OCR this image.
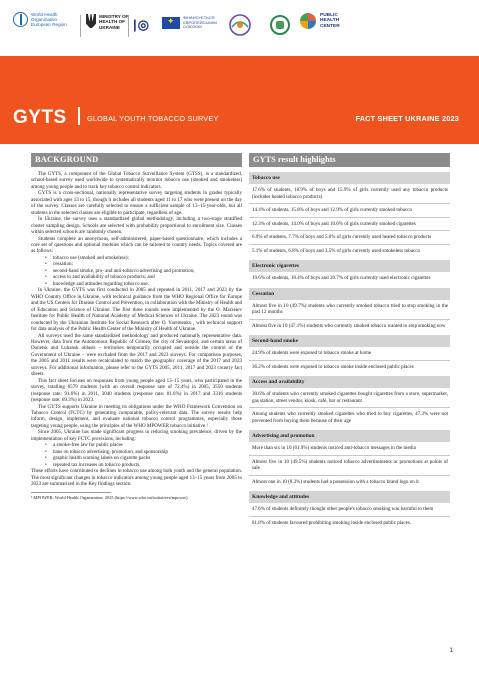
World Health Organization European Region
MINISTRY OF HEALTH OF UKRAINE	|◎
✦	ФІНАНСУЄТЬСЯ ЄВРОПЕЙСЬКИМ СОЮЗОМ
PUBLIC HEALTH CENTER
GYTS	GLOBAL YOUTH TOBACCO SURVEY	FACT SHEET UKRAINE 2023
BACKGROUND

The GYTS, a component of the Global Tobacco Surveillance System (GTSS), is a standardized, school-based survey used worldwide to systematically monitor tobacco use (smoked and smokeless) among young people and to track key tobacco control indicators.

GYTS is a cross-sectional, nationally representative survey targeting students in grades typically associated with ages 13 to 15, though it includes all students aged 11 to 17 who were present on the day of the survey. Classes are carefully selected to ensure a sufficient sample of 13–15-year-olds, but all students in the selected classes are eligible to participate, regardless of age.

In Ukraine, the survey uses a standardized global methodology, including a two-stage stratified cluster sampling design. Schools are selected with probability proportional to enrollment size. Classes within selected schools are randomly chosen.

Students complete an anonymous, self-administered, paper-based questionnaire, which includes a core set of questions and optional modules which can be tailored to country needs. Topics covered are as follows:

• tobacco use (smoked and smokeless);
• cessation;
• second-hand smoke, pro- and anti-tobacco advertising and promotion;
• access to and availability of tobacco products; and
• knowledge and attitudes regarding tobacco use.

In Ukraine, the GYTS was first conducted in 2005 and repeated in 2011, 2017 and 2023 by the WHO Country Office in Ukraine, with technical guidance from the WHO Regional Office for Europe and the US Centers for Disease Control and Prevention, in collaboration with the Ministry of Health and of Education and Science of Ukraine. The first three rounds were implemented by the O. Marzeiev Institute for Public Health of National Academy of Medical Sciences of Ukraine. The 2023 round was conducted by the Ukrainian Institute for Social Research after O. Yaremenko , with technical support for data analysis of the Public Health Center of the Ministry of Health of Ukraine.

All surveys used the same standardized methodology and produced nationally representative data. However, data from the Autonomous Republic of Crimea, the city of Sevastopol, and certain areas of Donetsk and Luhansk oblasts – territories temporarily occupied and outside the control of the Government of Ukraine – were excluded from the 2017 and 2023 surveys. For comparison purposes, the 2005 and 2011 results were recalculated to match the geographic coverage of the 2017 and 2023 surveys. For additional information, please refer to the GYTS 2005, 2011, 2017 and 2023 country fact sheets.

This fact sheet focuses on responses from young people aged 13–15 years, who participated in the survey, totalling 6579 students (with an overall response rate of 72.4%) in 2005, 3550 students (response rate: 91.6%) in 2011, 3040 students (response rate: 81.6%) in 2017 and 3316 students (response rate: 69.3%) in 2023.

The GYTS supports Ukraine in meeting its obligations under the WHO Framework Convention on Tobacco Control (FCTC) by generating comparable, policy-relevant data. The survey results help inform, design, implement, and evaluate national tobacco control programmes, especially those targeting young people, using the principles of the WHO MPOWER tobacco initiative.¹

Since 2005, Ukraine has made significant progress in reducing smoking prevalence, driven by the implementation of key FCTC provisions, including:

• a smoke-free law for public places
• bans on tobacco advertising, promotion, and sponsorship
• graphic health warning labels on cigarette packs
• repeated tax increases on tobacco products.

These efforts have contributed to declines in tobacco use among both youth and the general population. The most significant changes in tobacco indicators among young people aged 13–15 years from 2005 to 2023 are summarized in the Key findings section.

¹ MPOWER. World Health Organization; 2025 (https://www.who.int/initiatives/mpower).
GYTS result highlights
Tobacco use
17.6% of students, 18.9% of boys and 15.9% of girls currently used any tobacco products (includes heated tobacco products)
14.4% of students, 15.8% of boys and 12.9% of girls currently smoked tobacco
12.3% of students, 14.0% of boys and 10.6% of girls currently smoked cigarettes
6.9% of students, 7.7% of boys and 5.8% of girls currently used heated tobacco products
5.1% of students, 6.8% of boys and 3.5% of girls currently used smokeless tobacco
Electronic cigarettes
19.6% of students, 18.4% of boys and 20.7% of girls currently used electronic cigarettes
Cessation
Almost five in 10 (49.7%) students who currently smoked tobacco tried to stop smoking in the past 12 months
Almost five in 10 (47.1%) students who currently smoked tobacco wanted to stop smoking now
Second-hand smoke
24.9% of students were exposed to tobacco smoke at home
36.2% of students were exposed to tobacco smoke inside enclosed public places
Access and availability
30.6% of students who currently smoked cigarettes bought cigarettes from a store, supermarket, gas station, street vendor, kiosk, café, bar or restaurant
Among students who currently smoked cigarettes who tried to buy cigarettes, 47.3% were not prevented from buying them because of their age
Advertising and promotion
More than six in 10 (61.9%) students noticed anti-tobacco messages in the media
Almost five in 10 (49.5%) students noticed tobacco advertisements or promotions at points of sale
Almost one in 10 (8.3%) students had a possession with a tobacco brand logo on it
Knowledge and attitudes
47.6% of students definitely thought other people's tobacco smoking was harmful to them
81.8% of students favoured prohibiting smoking inside enclosed public places.
1
